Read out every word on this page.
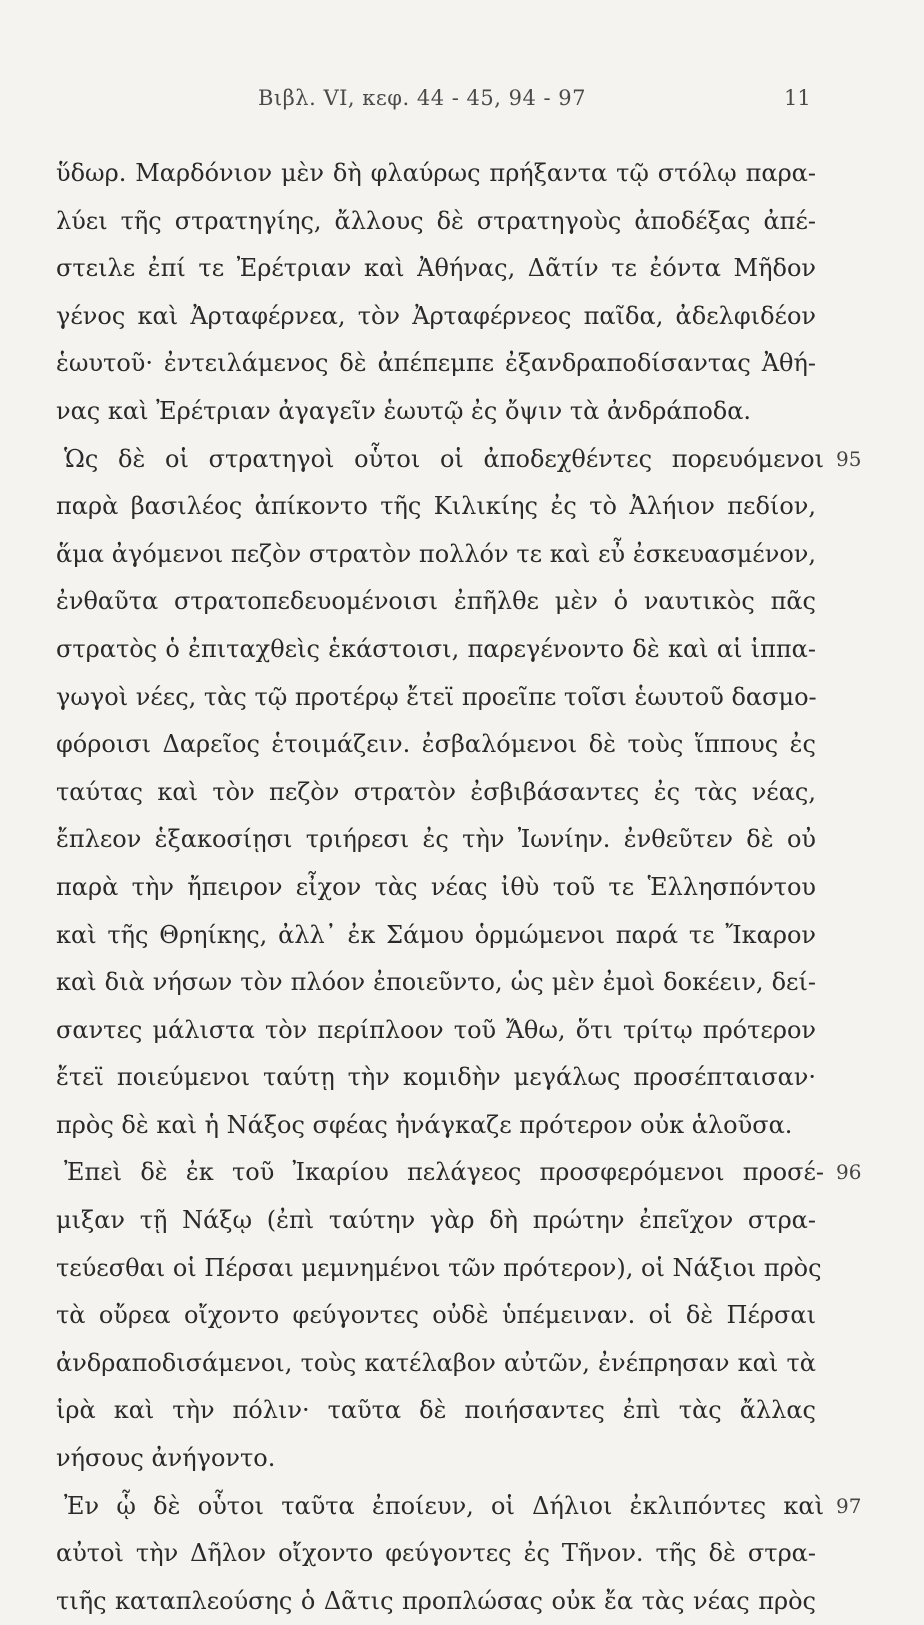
Βιβλ. VI, κεφ. 44 - 45, 94 - 97	11
ὕδωρ. Μαρδόνιον μὲν δὴ φλαύρως πρήξαντα τῷ στόλῳ παρα-
λύει τῆς στρατηγίης, ἄλλους δὲ στρατηγοὺς ἀποδέξας ἀπέ-
στειλε ἐπί τε Ἐρέτριαν καὶ Ἀθήνας, Δᾶτίν τε ἐόντα Μῆδον
γένος καὶ Ἀρταφέρνεα, τὸν Ἀρταφέρνεος παῖδα, ἀδελφιδέον
ἑωυτοῦ· ἐντειλάμενος δὲ ἀπέπεμπε ἐξανδραποδίσαντας Ἀθή-
νας καὶ Ἐρέτριαν ἀγαγεῖν ἑωυτῷ ἐς ὄψιν τὰ ἀνδράποδα.
Ὡς δὲ οἱ στρατηγοὶ οὗτοι οἱ ἀποδεχθέντες πορευόμενοι 95
παρὰ βασιλέος ἀπίκοντο τῆς Κιλικίης ἐς τὸ Ἀλήιον πεδίον,
ἅμα ἀγόμενοι πεζὸν στρατὸν πολλόν τε καὶ εὖ ἐσκευασμένον,
ἐνθαῦτα στρατοπεδευομένοισι ἐπῆλθε μὲν ὁ ναυτικὸς πᾶς
στρατὸς ὁ ἐπιταχθεὶς ἑκάστοισι, παρεγένοντο δὲ καὶ αἱ ἱππα-
γωγοὶ νέες, τὰς τῷ προτέρῳ ἔτεϊ προεῖπε τοῖσι ἑωυτοῦ δασμο-
φόροισι Δαρεῖος ἑτοιμάζειν. ἐσβαλόμενοι δὲ τοὺς ἵππους ἐς
ταύτας καὶ τὸν πεζὸν στρατὸν ἐσβιβάσαντες ἐς τὰς νέας,
ἔπλεον ἑξακοσίῃσι τριήρεσι ἐς τὴν Ἰωνίην. ἐνθεῦτεν δὲ οὐ
παρὰ τὴν ἤπειρον εἶχον τὰς νέας ἰθὺ τοῦ τε Ἑλλησπόντου
καὶ τῆς Θρηίκης, ἀλλ᾽ ἐκ Σάμου ὁρμώμενοι παρά τε Ἴκαρον
καὶ διὰ νήσων τὸν πλόον ἐποιεῦντο, ὡς μὲν ἐμοὶ δοκέειν, δεί-
σαντες μάλιστα τὸν περίπλοον τοῦ Ἄθω, ὅτι τρίτῳ πρότερον
ἔτεϊ ποιεύμενοι ταύτῃ τὴν κομιδὴν μεγάλως προσέπταισαν·
πρὸς δὲ καὶ ἡ Νάξος σφέας ἠνάγκαζε πρότερον οὐκ ἁλοῦσα.
Ἐπεὶ δὲ ἐκ τοῦ Ἰκαρίου πελάγεος προσφερόμενοι προσέ- 96
μιξαν τῇ Νάξῳ (ἐπὶ ταύτην γὰρ δὴ πρώτην ἐπεῖχον στρα-
τεύεσθαι οἱ Πέρσαι μεμνημένοι τῶν πρότερον), οἱ Νάξιοι πρὸς
τὰ οὔρεα οἴχοντο φεύγοντες οὐδὲ ὑπέμειναν. οἱ δὲ Πέρσαι
ἀνδραποδισάμενοι, τοὺς κατέλαβον αὐτῶν, ἐνέπρησαν καὶ τὰ
ἱρὰ καὶ τὴν πόλιν· ταῦτα δὲ ποιήσαντες ἐπὶ τὰς ἄλλας
νήσους ἀνήγοντο.
Ἐν ᾧ δὲ οὗτοι ταῦτα ἐποίευν, οἱ Δήλιοι ἐκλιπόντες καὶ 97
αὐτοὶ τὴν Δῆλον οἴχοντο φεύγοντες ἐς Τῆνον. τῆς δὲ στρα-
τιῆς καταπλεούσης ὁ Δᾶτις προπλώσας οὐκ ἔα τὰς νέας πρὸς
